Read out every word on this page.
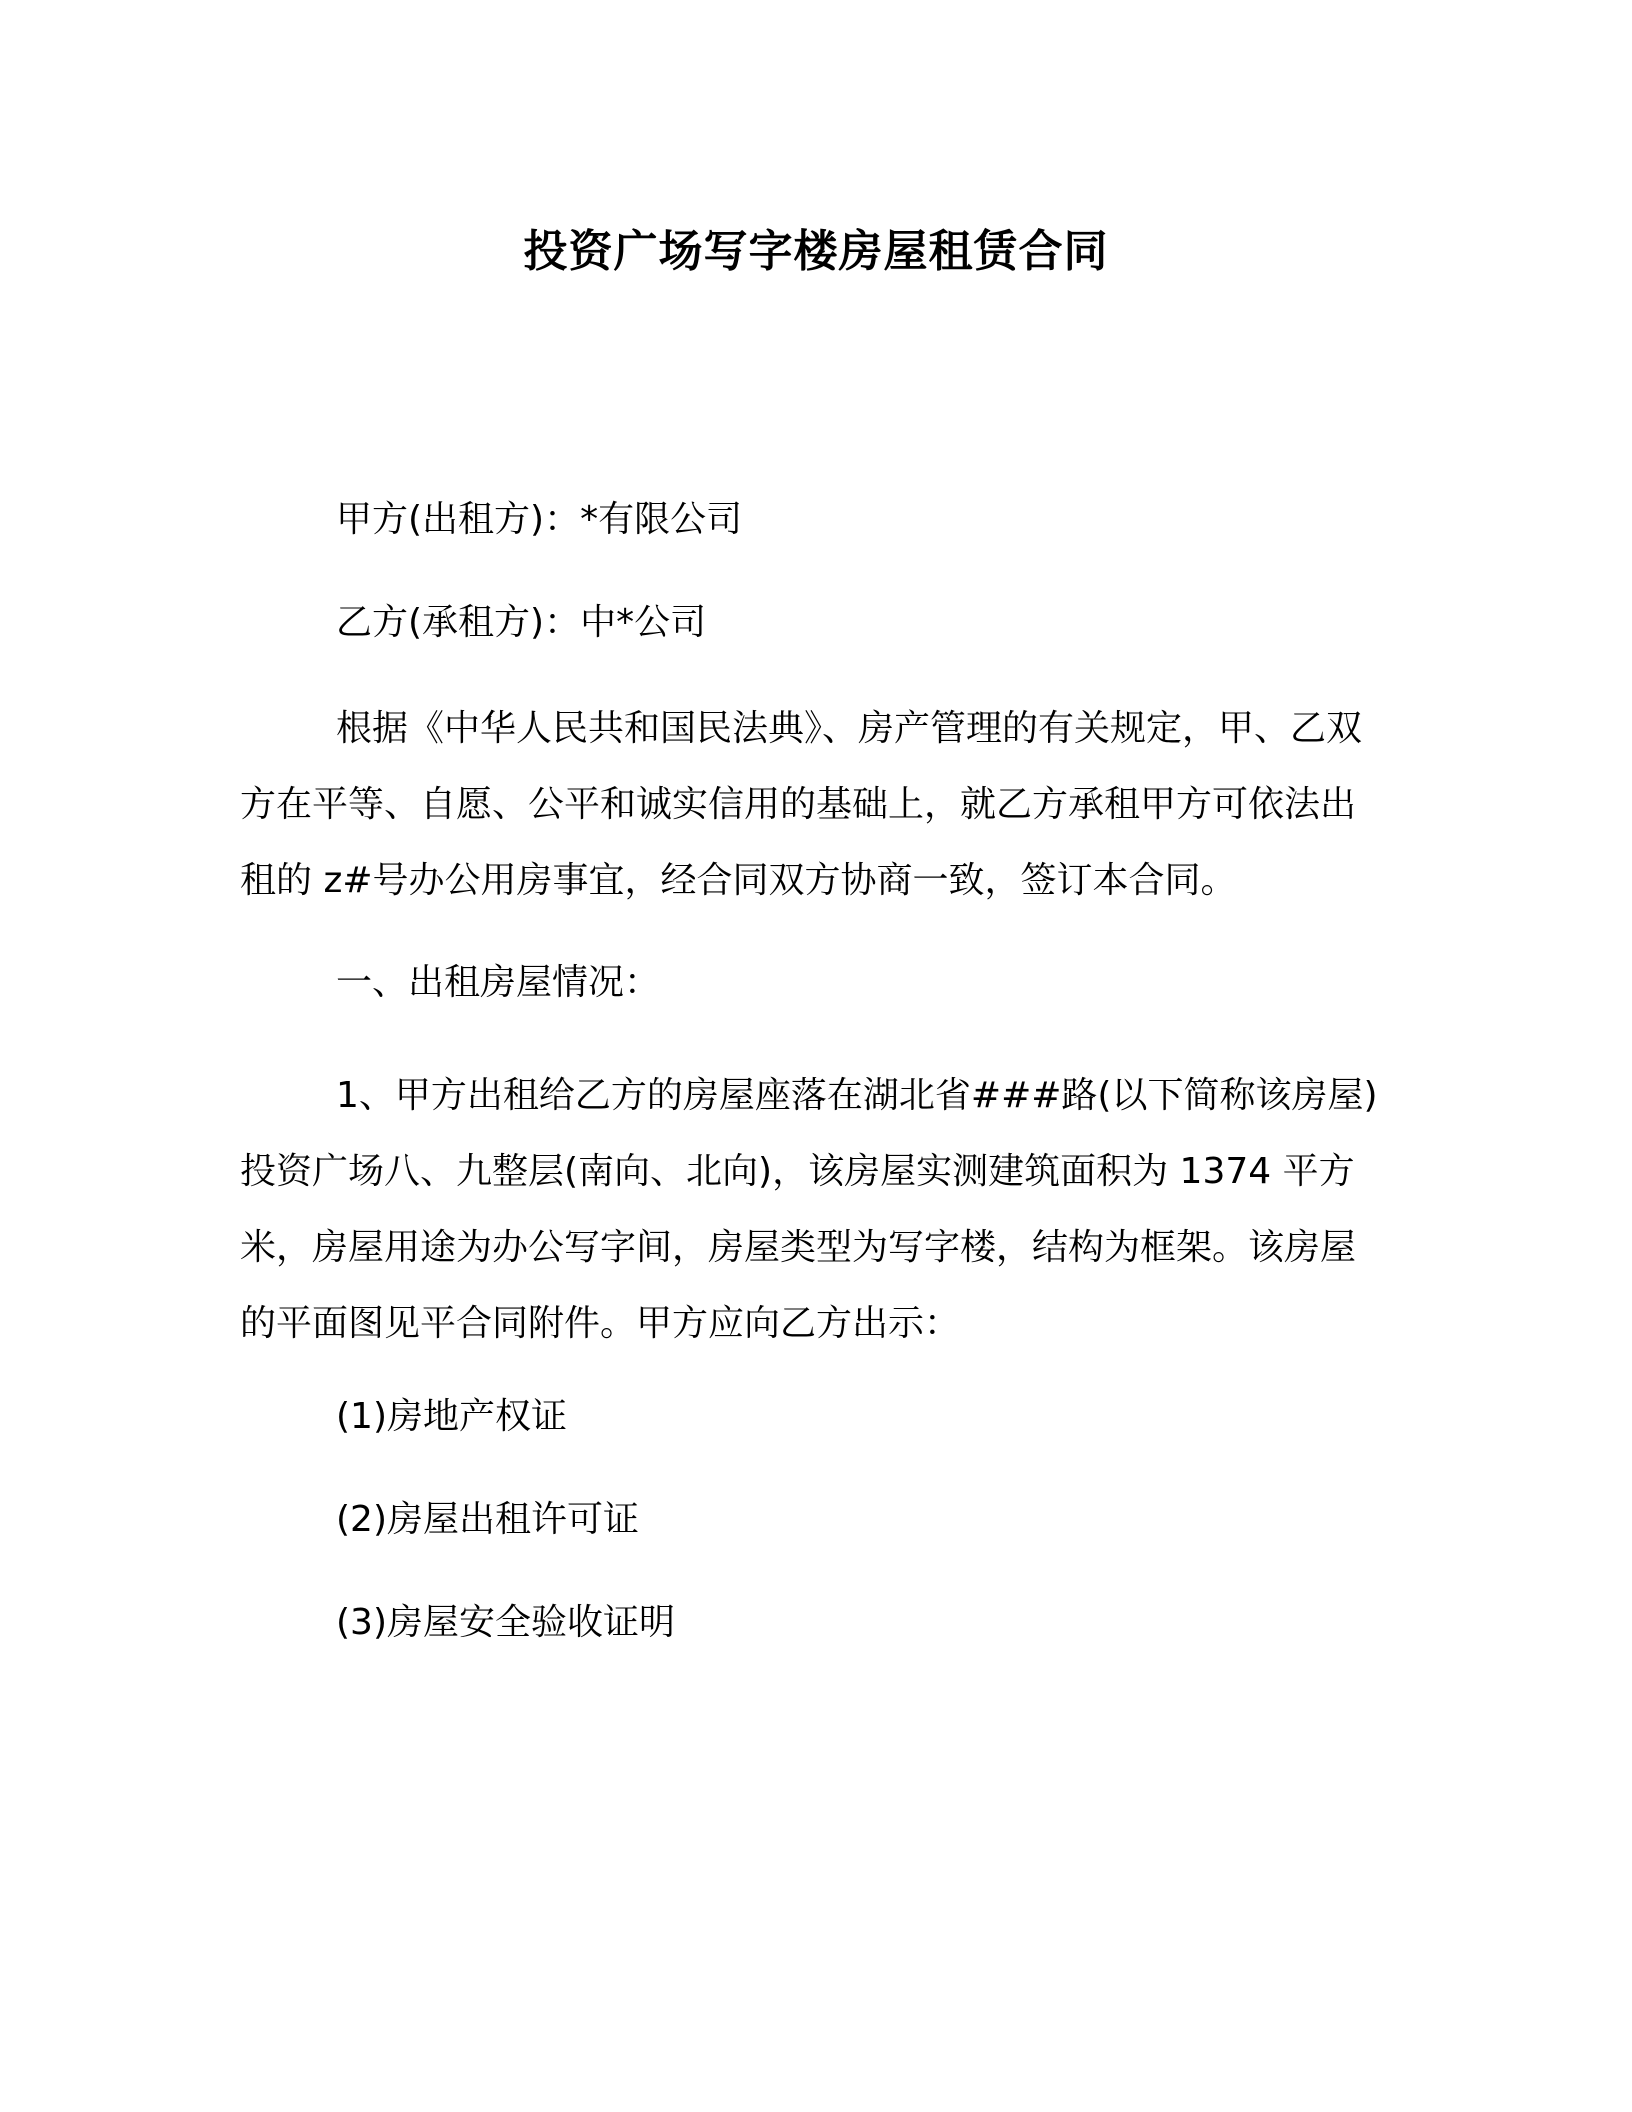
投资广场写字楼房屋租赁合同
甲方(出租方)：*有限公司
乙方(承租方)：中*公司

根据《中华人民共和国民法典》、房产管理的有关规定，甲、乙双方在平等、自愿、公平和诚实信用的基础上，就乙方承租甲方可依法出租的 z#号办公用房事宜，经合同双方协商一致，签订本合同。

一、出租房屋情况：

1、甲方出租给乙方的房屋座落在湖北省###路(以下简称该房屋)投资广场八、九整层(南向、北向)，该房屋实测建筑面积为 1374 平方米，房屋用途为办公写字间，房屋类型为写字楼，结构为框架。该房屋的平面图见平合同附件。甲方应向乙方出示：

(1)房地产权证
(2)房屋出租许可证
(3)房屋安全验收证明
